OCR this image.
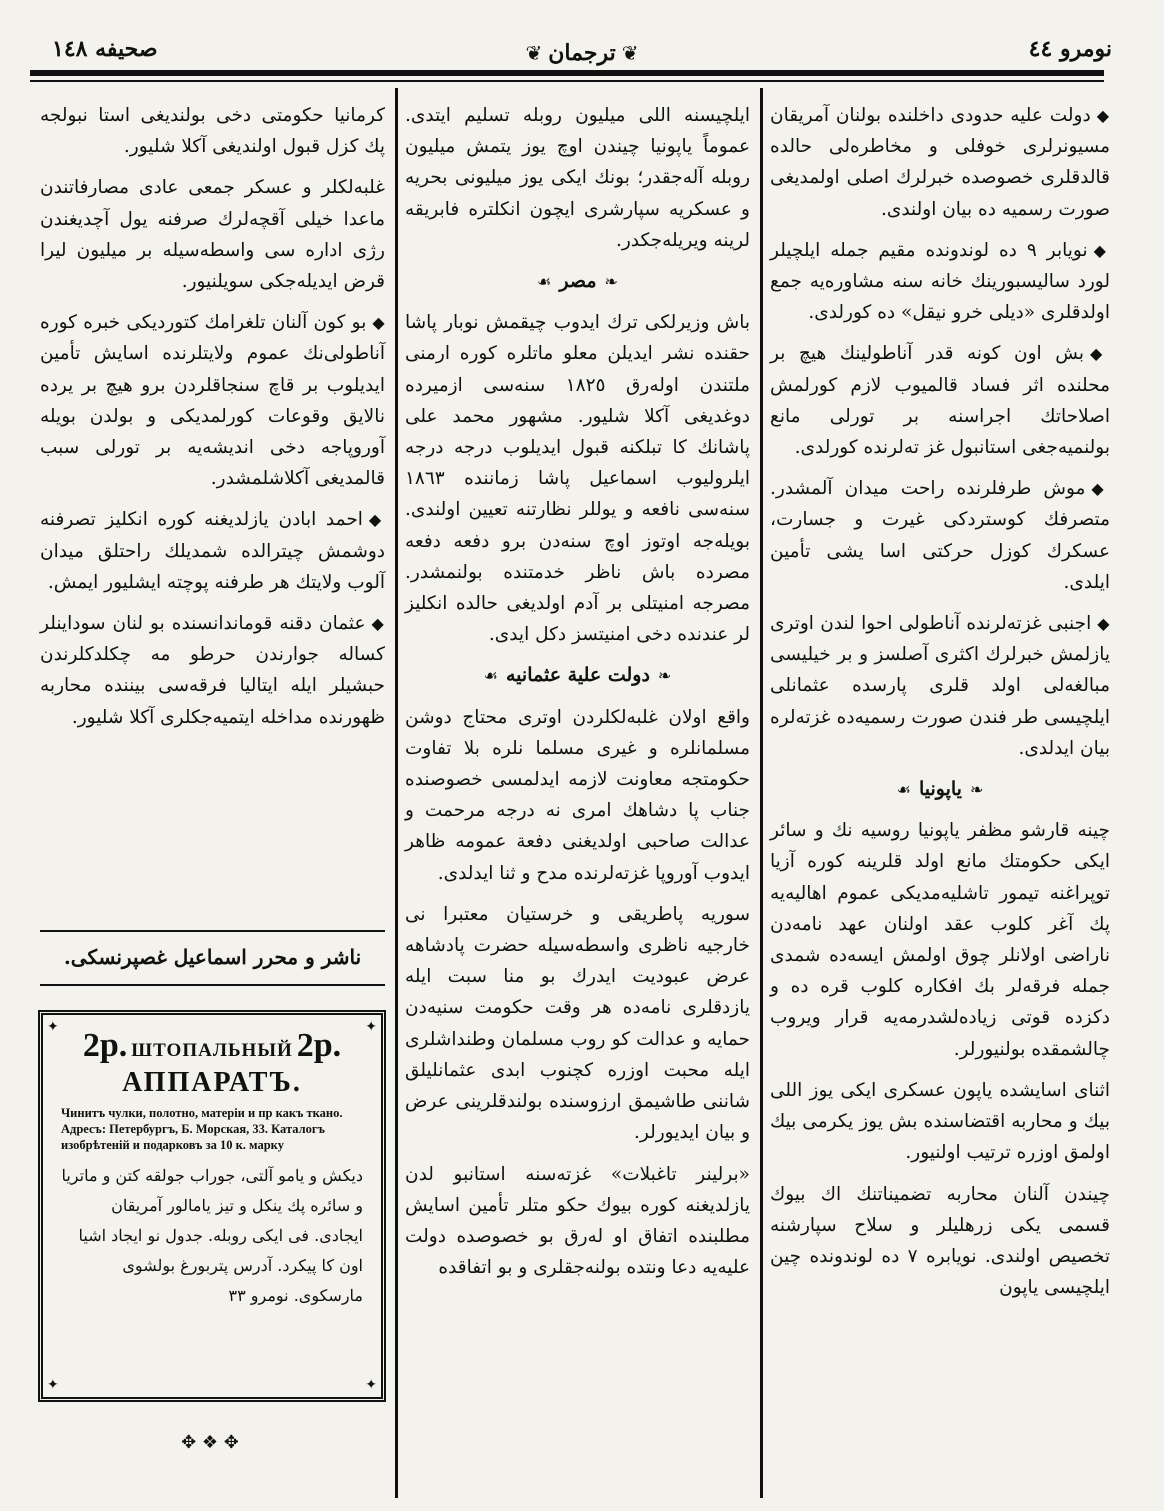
صحيفه ١٤٨	❦ ترجمان ❦	نومرو ٤٤

◆دولت عليه حدودى داخلنده بولنان آمريقان مسيونرلرى خوفلى و مخاطره‌لى حالده قالدقلرى خصوصده خبرلرك اصلى اولمديغى صورت رسميه ده بيان اولندى.

◆نويابر ٩ ده لوندونده مقيم جمله ايلچيلر لورد ساليسبورينك خانه سنه مشاوره‌يه جمع اولدقلرى «ديلى خرو نيقل» ده كورلدى.

◆بش اون كونه قدر آناطولينك هيچ بر محلنده اثر فساد قالميوب لازم كورلمش اصلاحاتك اجراسنه بر تورلى مانع بولنميه‌جغى استانبول غز ته‌لرنده كورلدى.

◆موش طرفلرنده راحت ميدان آلمشدر. متصرفك كوستردكى غيرت و جسارت، عسكرك كوزل حركتى اسا يشى تأمين ايلدى.

◆اجنبى غزته‌لرنده آناطولى احوا لندن اوترى يازلمش خبرلرك اكثرى آصلسز و بر خيليسى مبالغه‌لى اولد قلرى پارسده عثمانلى ايلچيسى طر فندن صورت رسميه‌ده غزته‌لره بيان ايدلدى.

❧ياپونيا☙

چينه قارشو مظفر ياپونيا روسيه نك و سائر ايكى حكومتك مانع اولد قلرينه كوره آزيا توپراغنه تيمور تاشليه‌مديكى عموم اهاليه‌يه پك آغر كلوب عقد اولنان عهد نامه‌دن ناراضى اولانلر چوق اولمش ايسه‌ده شمدى جمله فرقه‌لر بك افكاره كلوب قره ده و دكزده قوتى زياده‌لشدرمه‌يه قرار ويروب چالشمقده بولنيورلر.

اثناى اسايشده ياپون عسكرى ايكى يوز اللى بيك و محاربه اقتضاسنده بش يوز يكرمى بيك اولمق اوزره ترتيب اولنيور.

چيندن آلنان محاربه تضميناتنك اك بيوك قسمى يكى زرهليلر و سلاح سپارشنه تخصيص اولندى. نويابره ٧ ده لوندونده چين ايلچيسى ياپون

ايلچيسنه اللى ميليون روبله تسليم ايتدى. عموماً ياپونيا چيندن اوچ يوز يتمش ميليون روبله آله‌جقدر؛ بونك ايكى يوز ميليونى بحريه و عسكريه سپارشرى ايچون انكلتره فابريقه لرينه ويريله‌جكدر.

❧مصر☙

باش وزيرلكى ترك ايدوب چيقمش نوبار پاشا حقنده نشر ايديلن معلو ماتلره كوره ارمنى ملتندن اوله‌رق ١٨٢٥ سنه‌سى ازميرده دوغديغى آكلا شليور. مشهور محمد على پاشانك كا تبلكنه قبول ايديلوب درجه درجه ايلروليوب اسماعيل پاشا زماننده ١٨٦٣ سنه‌سى نافعه و يوللر نظارتنه تعيين اولندى. بويله‌جه اوتوز اوچ سنه‌دن برو دفعه دفعه مصرده باش ناظر خدمتنده بولنمشدر. مصرجه امنيتلى بر آدم اولديغى حالده انكليز لر عندنده دخى امنيتسز دكل ايدى.

❧دولت علية عثمانيه☙

واقع اولان غلبه‌لكلردن اوترى محتاج دوشن مسلمانلره و غيرى مسلما نلره بلا تفاوت حكومتجه معاونت لازمه ايدلمسى خصوصنده جناب پا دشاهك امرى نه درجه مرحمت و عدالت صاحبى اولديغنى دفعة عمومه ظاهر ايدوب آوروپا غزته‌لرنده مدح و ثنا ايدلدى.

سوريه پاطريقى و خرستيان معتبرا نى خارجيه ناظرى واسطه‌سيله حضرت پادشاهه عرض عبوديت ايدرك بو منا سبت ايله يازدقلرى نامه‌ده هر وقت حكومت سنيه‌دن حمايه و عدالت كو روب مسلمان وطنداشلرى ايله محبت اوزره كچنوب ابدى عثمانليلق شاننى طاشيمق ارزوسنده بولندقلرينى عرض و بيان ايديورلر.

«برلينر تاغبلات» غزته‌سنه استانبو لدن يازلديغنه كوره بيوك حكو متلر تأمين اسايش مطلبنده اتفاق او له‌رق بو خصوصده دولت عليه‌يه دعا ونتده بولنه‌جقلرى و بو اتفاقده

كرمانيا حكومتى دخى بولنديغى استا نبولجه پك كزل قبول اولنديغى آكلا شليور.

غلبه‌لكلر و عسكر جمعى عادى مصارفاتندن ماعدا خيلى آقچه‌لرك صرفنه يول آچديغندن رژى اداره سى واسطه‌سيله بر ميليون ليرا قرض ايديله‌جكى سويلنيور.

◆بو كون آلنان تلغرامك كتورديكى خبره كوره آناطولى‌نك عموم ولايتلرنده اسايش تأمين ايديلوب بر قاچ سنجاقلردن برو هيچ بر يرده نالايق وقوعات كورلمديكى و بولدن بويله آوروپاجه دخى انديشه‌يه بر تورلى سبب قالمديغى آكلاشلمشدر.

◆احمد ابادن يازلديغنه كوره انكليز تصرفنه دوشمش چيترالده شمديلك راحتلق ميدان آلوب ولايتك هر طرفنه پوچته ايشليور ايمش.

◆عثمان دقنه قوماندانسنده بو لنان سوداينلر كساله جوارندن حرطو مه چكلدكلرندن حبشيلر ايله ايتاليا فرقه‌سى بيننده محاربه ظهورنده مداخله ايتميه‌جكلرى آكلا شليور.

ناشر و محرر اسماعيل غصپرنسكى.
✦	✦
✦	✦
2р. ШТОПАЛЬНЫЙ 2р.
АППАРАТЪ.
Чинитъ чулки, полотно, матеріи и пр какъ ткано. Адресъ: Петербургъ, Б. Морская, 33. Каталогъ изобрѣтеній и подарковъ за 10 к. марку
ديكش و يامو آلتى، جوراب جولقه كتن و ماتريا و سائره پك ينكل و تيز ياما‌لور آمريقان ايجادى. فى ايكى روبله. جدول نو ايجاد اشيا اون كا پيكرد. آدرس پتربورغ بولشوى مارسكوى. نومرو ٣٣
✥ ❖ ✥
